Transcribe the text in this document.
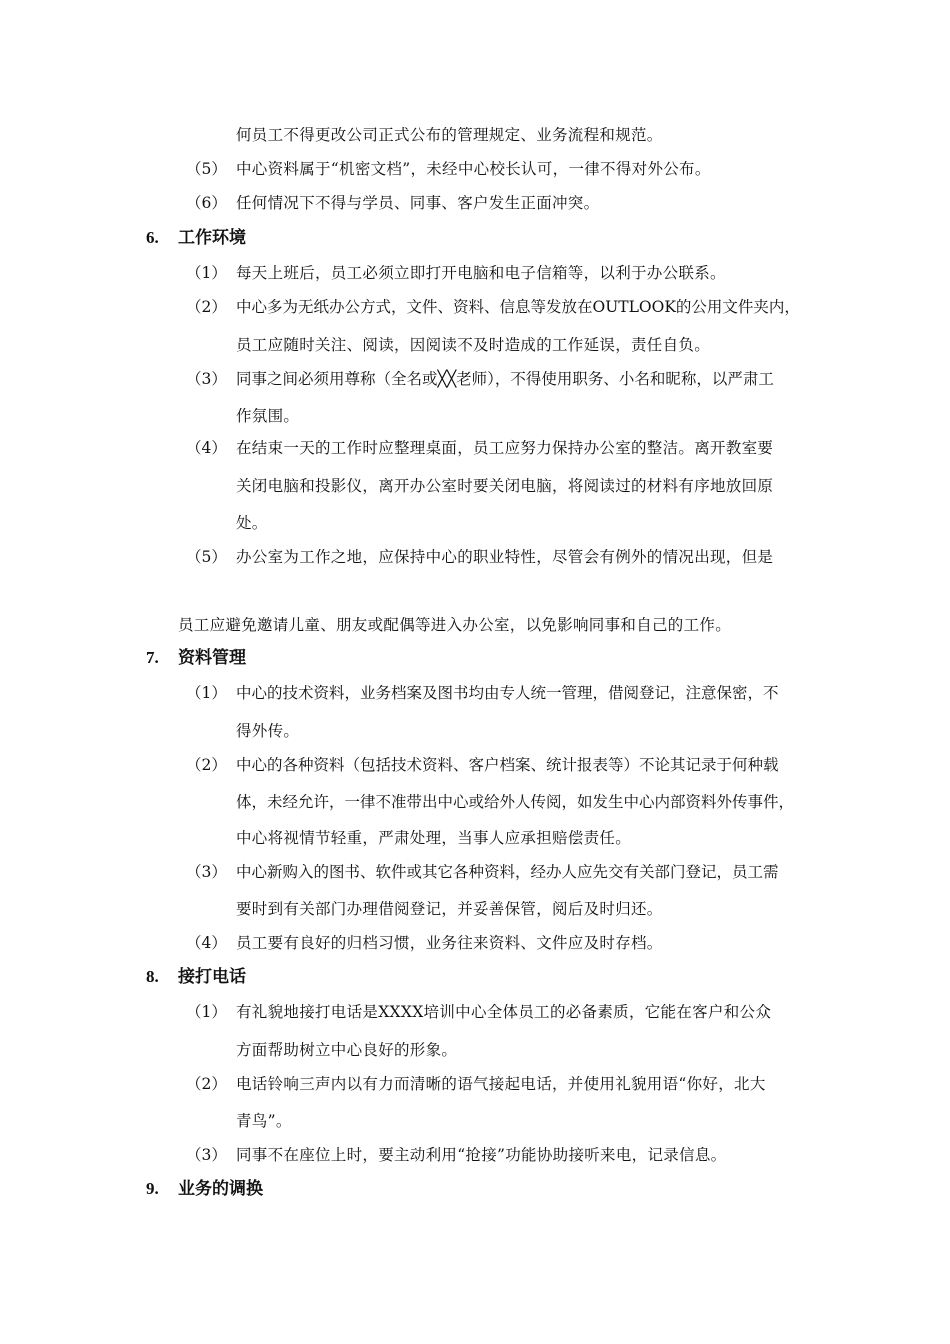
何员工不得更改公司正式公布的管理规定、业务流程和规范。
（5） 中心资料属于“机密文档”，未经中心校长认可，一律不得对外公布。
（6） 任何情况下不得与学员、同事、客户发生正面冲突。
6. 工作环境
（1） 每天上班后，员工必须立即打开电脑和电子信箱等，以利于办公联系。
（2） 中心多为无纸办公方式，文件、资料、信息等发放在OUTLOOK的公用文件夹内，
员工应随时关注、阅读，因阅读不及时造成的工作延误，责任自负。
（3） 同事之间必须用尊称（全名或╳╳老师），不得使用职务、小名和昵称，以严肃工
作氛围。
（4） 在结束一天的工作时应整理桌面，员工应努力保持办公室的整洁。离开教室要
关闭电脑和投影仪，离开办公室时要关闭电脑，将阅读过的材料有序地放回原
处。
（5） 办公室为工作之地，应保持中心的职业特性，尽管会有例外的情况出现，但是
员工应避免邀请儿童、朋友或配偶等进入办公室，以免影响同事和自己的工作。
7. 资料管理
（1） 中心的技术资料，业务档案及图书均由专人统一管理，借阅登记，注意保密，不
得外传。
（2） 中心的各种资料（包括技术资料、客户档案、统计报表等）不论其记录于何种载
体，未经允许，一律不准带出中心或给外人传阅，如发生中心内部资料外传事件，
中心将视情节轻重，严肃处理，当事人应承担赔偿责任。
（3） 中心新购入的图书、软件或其它各种资料，经办人应先交有关部门登记，员工需
要时到有关部门办理借阅登记，并妥善保管，阅后及时归还。
（4） 员工要有良好的归档习惯，业务往来资料、文件应及时存档。
8. 接打电话
（1） 有礼貌地接打电话是XXXX培训中心全体员工的必备素质，它能在客户和公众
方面帮助树立中心良好的形象。
（2） 电话铃响三声内以有力而清晰的语气接起电话，并使用礼貌用语“你好，北大
青鸟”。
（3） 同事不在座位上时，要主动利用“抢接”功能协助接听来电，记录信息。
9. 业务的调换
